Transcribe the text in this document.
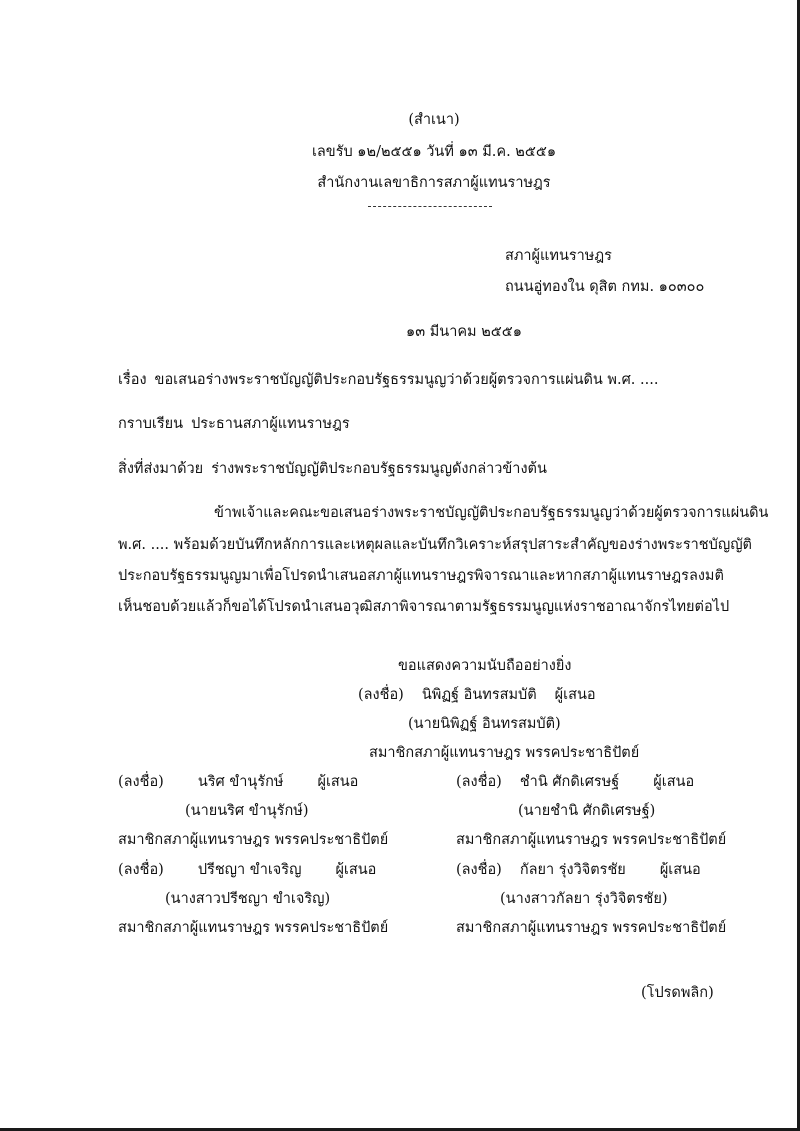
(สำเนา)
เลขรับ ๑๒/๒๕๕๑ วันที่ ๑๓ มี.ค. ๒๕๕๑
สำนักงานเลขาธิการสภาผู้แทนราษฎร
สภาผู้แทนราษฎร
ถนนอู่ทองใน ดุสิต กทม. ๑๐๓๐๐
๑๓ มีนาคม ๒๕๕๑
เรื่อง ขอเสนอร่างพระราชบัญญัติประกอบรัฐธรรมนูญว่าด้วยผู้ตรวจการแผ่นดิน พ.ศ. ....
กราบเรียน ประธานสภาผู้แทนราษฎร
สิ่งที่ส่งมาด้วย ร่างพระราชบัญญัติประกอบรัฐธรรมนูญดังกล่าวข้างต้น
ข้าพเจ้าและคณะขอเสนอร่างพระราชบัญญัติประกอบรัฐธรรมนูญว่าด้วยผู้ตรวจการแผ่นดิน
พ.ศ. .... พร้อมด้วยบันทึกหลักการและเหตุผลและบันทึกวิเคราะห์สรุปสาระสำคัญของร่างพระราชบัญญัติ
ประกอบรัฐธรรมนูญมาเพื่อโปรดนำเสนอสภาผู้แทนราษฎรพิจารณาและหากสภาผู้แทนราษฎรลงมติ
เห็นชอบด้วยแล้วก็ขอได้โปรดนำเสนอวุฒิสภาพิจารณาตามรัฐธรรมนูญแห่งราชอาณาจักรไทยต่อไป
ขอแสดงความนับถืออย่างยิ่ง
(ลงชื่อ) นิพิฏฐ์ อินทรสมบัติ ผู้เสนอ
(นายนิพิฏฐ์ อินทรสมบัติ)
สมาชิกสภาผู้แทนราษฎร พรรคประชาธิปัตย์
(ลงชื่อ) นริศ ขำนุรักษ์ ผู้เสนอ
(นายนริศ ขำนุรักษ์)
สมาชิกสภาผู้แทนราษฎร พรรคประชาธิปัตย์
(ลงชื่อ) ชำนิ ศักดิเศรษฐ์ ผู้เสนอ
(นายชำนิ ศักดิเศรษฐ์)
สมาชิกสภาผู้แทนราษฎร พรรคประชาธิปัตย์
(ลงชื่อ) ปรีชญา ขำเจริญ ผู้เสนอ
(นางสาวปรีชญา ขำเจริญ)
สมาชิกสภาผู้แทนราษฎร พรรคประชาธิปัตย์
(ลงชื่อ) กัลยา รุ่งวิจิตรชัย ผู้เสนอ
(นางสาวกัลยา รุ่งวิจิตรชัย)
สมาชิกสภาผู้แทนราษฎร พรรคประชาธิปัตย์
(โปรดพลิก)
